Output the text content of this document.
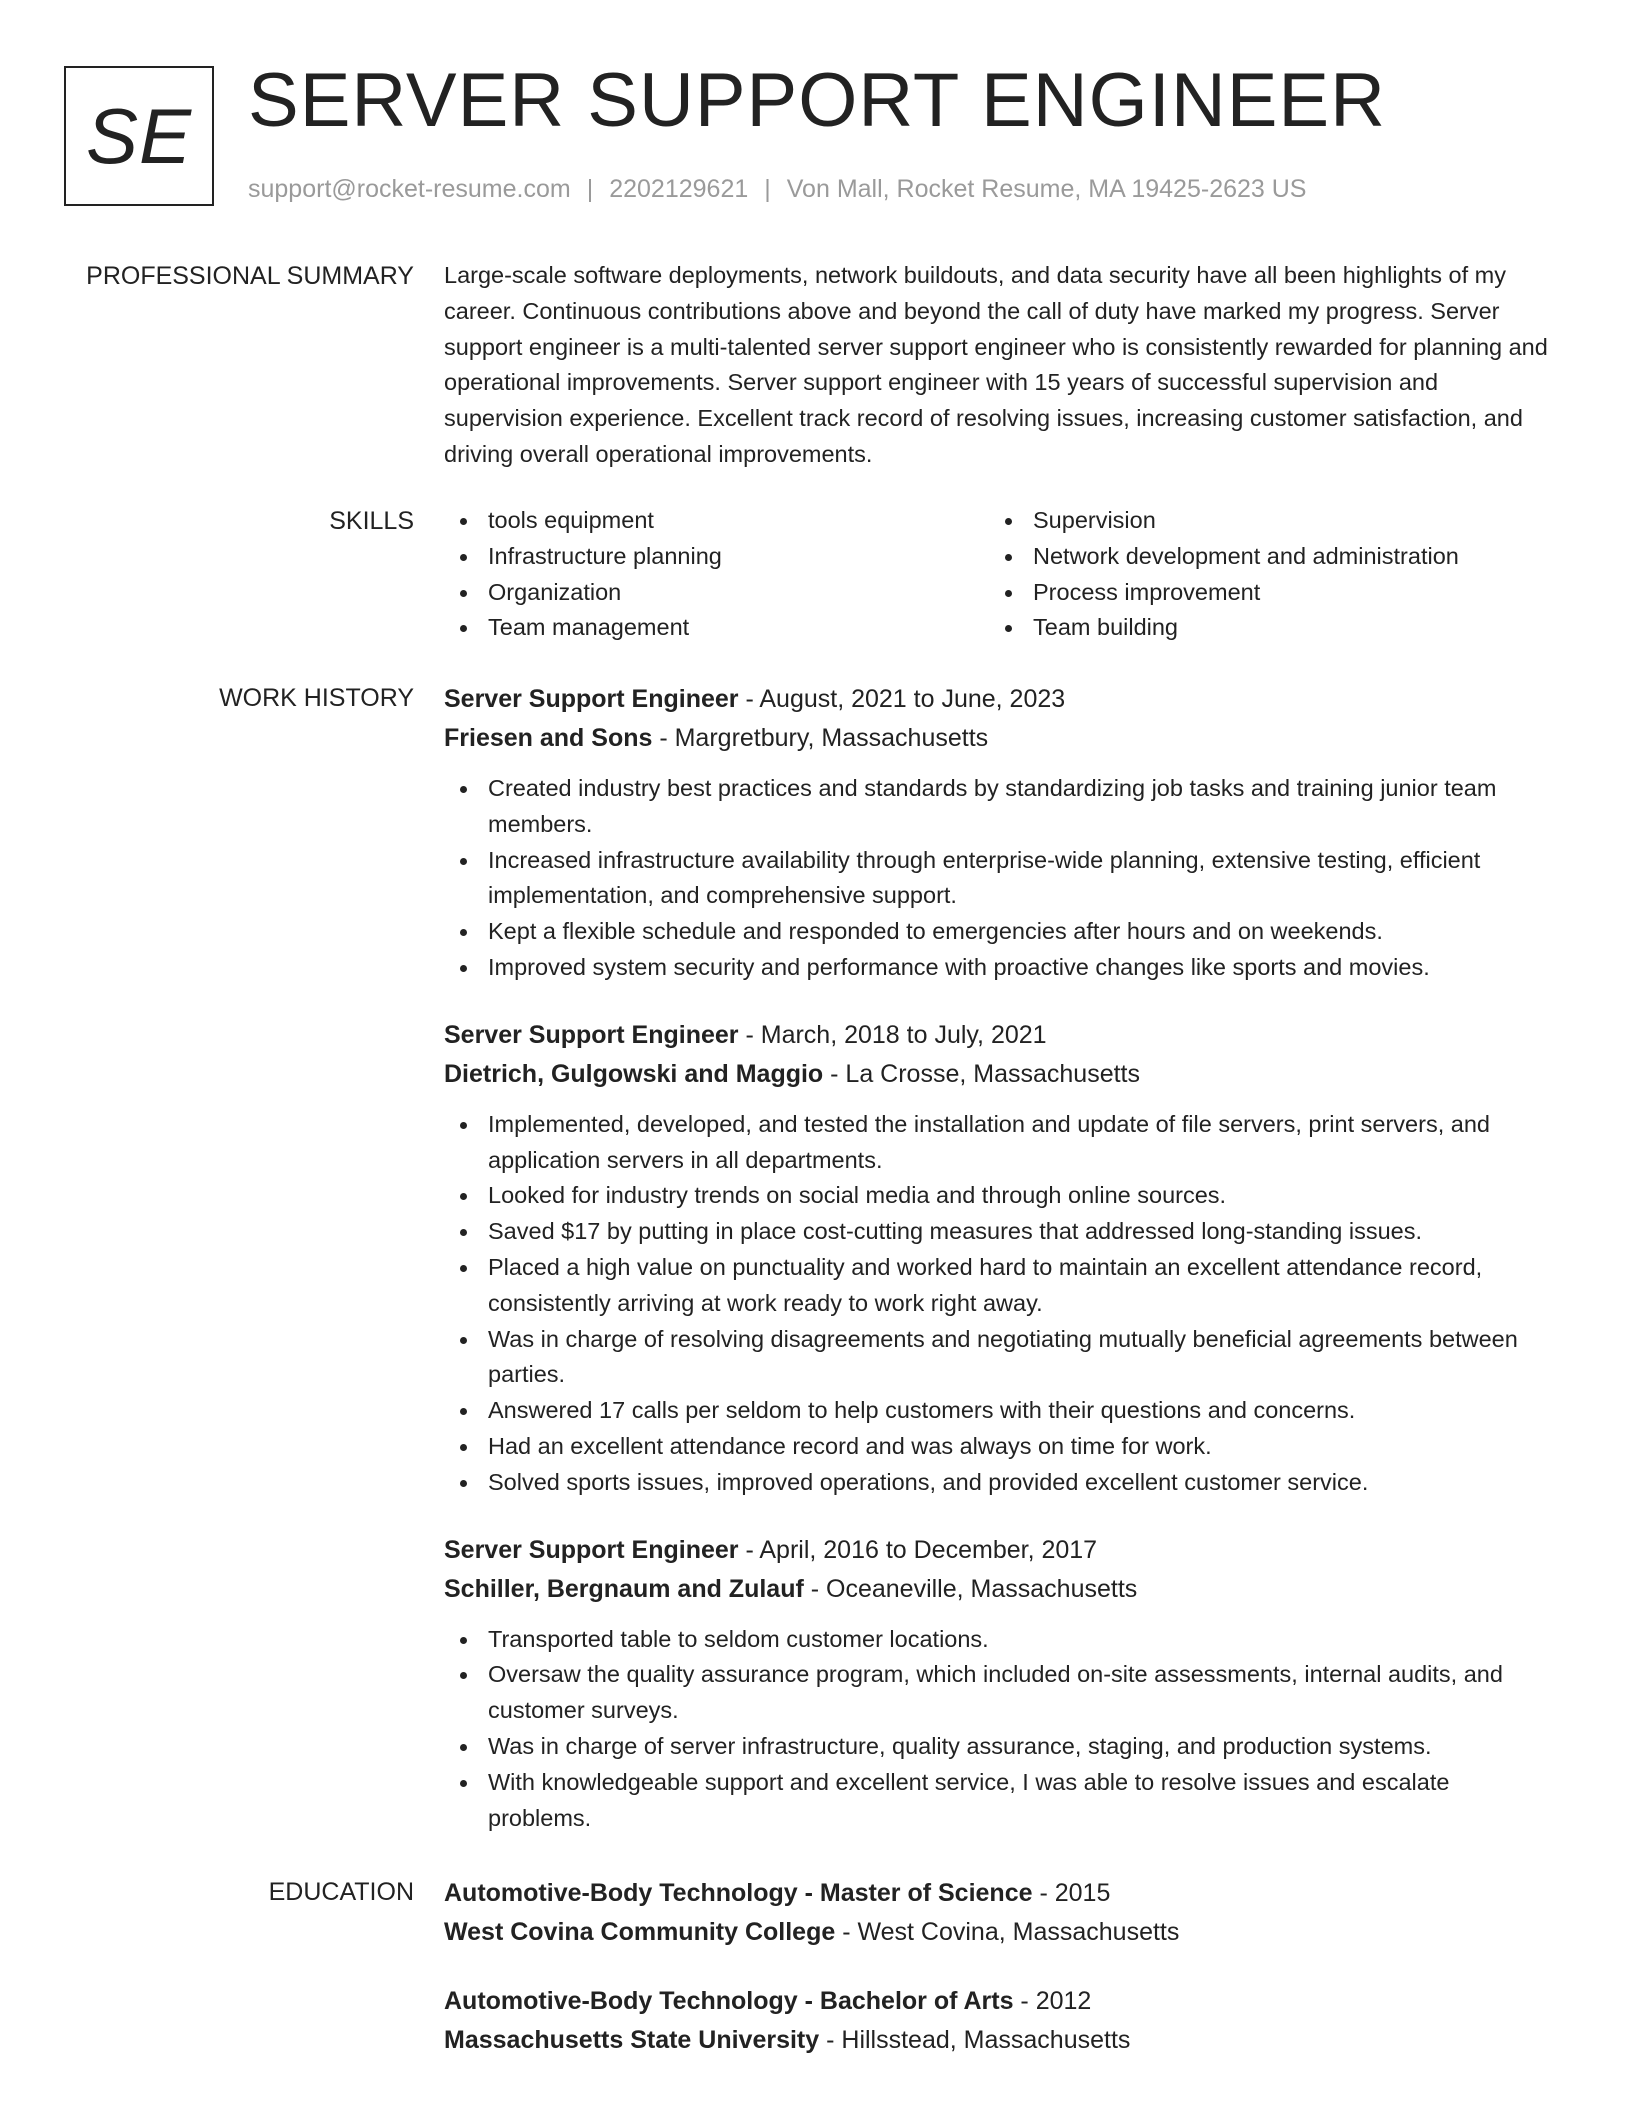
SE SERVER SUPPORT ENGINEER
support@rocket-resume.com | 2202129621 | Von Mall, Rocket Resume, MA 19425-2623 US
PROFESSIONAL SUMMARY Large-scale software deployments, network buildouts, and data security have all been highlights of my career. Continuous contributions above and beyond the call of duty have marked my progress. Server support engineer is a multi-talented server support engineer who is consistently rewarded for planning and operational improvements. Server support engineer with 15 years of successful supervision and supervision experience. Excellent track record of resolving issues, increasing customer satisfaction, and driving overall operational improvements.

SKILLS	tools equipment
Infrastructure planning
Organization
Team management
Supervision
Network development and administration
Process improvement
Team building
WORK HISTORY Server Support Engineer - August, 2021 to June, 2023
Friesen and Sons - Margretbury, Massachusetts
Created industry best practices and standards by standardizing job tasks and training junior team members.
Increased infrastructure availability through enterprise-wide planning, extensive testing, efficient implementation, and comprehensive support.
Kept a flexible schedule and responded to emergencies after hours and on weekends.
Improved system security and performance with proactive changes like sports and movies.
Server Support Engineer - March, 2018 to July, 2021
Dietrich, Gulgowski and Maggio - La Crosse, Massachusetts
Implemented, developed, and tested the installation and update of file servers, print servers, and application servers in all departments.
Looked for industry trends on social media and through online sources.
Saved $17 by putting in place cost-cutting measures that addressed long-standing issues.
Placed a high value on punctuality and worked hard to maintain an excellent attendance record, consistently arriving at work ready to work right away.
Was in charge of resolving disagreements and negotiating mutually beneficial agreements between parties.
Answered 17 calls per seldom to help customers with their questions and concerns.
Had an excellent attendance record and was always on time for work.
Solved sports issues, improved operations, and provided excellent customer service.
Server Support Engineer - April, 2016 to December, 2017
Schiller, Bergnaum and Zulauf - Oceaneville, Massachusetts
Transported table to seldom customer locations.
Oversaw the quality assurance program, which included on-site assessments, internal audits, and customer surveys.
Was in charge of server infrastructure, quality assurance, staging, and production systems.
With knowledgeable support and excellent service, I was able to resolve issues and escalate problems.
EDUCATION Automotive-Body Technology - Master of Science - 2015
West Covina Community College - West Covina, Massachusetts
Automotive-Body Technology - Bachelor of Arts - 2012
Massachusetts State University - Hillsstead, Massachusetts
